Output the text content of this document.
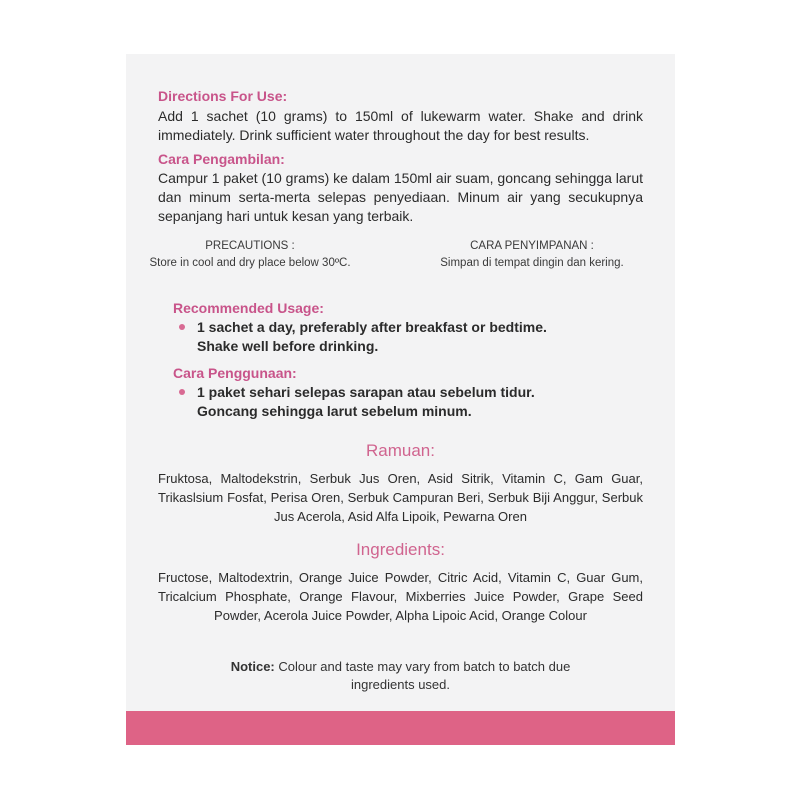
Directions For Use:
Add 1 sachet (10 grams) to 150ml of lukewarm water. Shake and drink immediately. Drink sufficient water throughout the day for best results.
Cara Pengambilan:
Campur 1 paket (10 grams) ke dalam 150ml air suam, goncang sehingga larut dan minum serta-merta selepas penyediaan. Minum air yang secukupnya sepanjang hari untuk kesan yang terbaik.
PRECAUTIONS :
Store in cool and dry place below 30ºC.
CARA PENYIMPANAN :
Simpan di tempat dingin dan kering.
Recommended Usage:
1 sachet a day, preferably after breakfast or bedtime.
Shake well before drinking.
Cara Penggunaan:
1 paket sehari selepas sarapan atau sebelum tidur.
Goncang sehingga larut sebelum minum.
Ramuan:
Fruktosa, Maltodekstrin, Serbuk Jus Oren, Asid Sitrik, Vitamin C, Gam Guar, Trikaslsium Fosfat, Perisa Oren, Serbuk Campuran Beri, Serbuk Biji Anggur, Serbuk Jus Acerola, Asid Alfa Lipoik, Pewarna Oren
Ingredients:
Fructose, Maltodextrin, Orange Juice Powder, Citric Acid, Vitamin C, Guar Gum, Tricalcium Phosphate, Orange Flavour, Mixberries Juice Powder, Grape Seed Powder, Acerola Juice Powder, Alpha Lipoic Acid, Orange Colour
Notice: Colour and taste may vary from batch to batch due ingredients used.
